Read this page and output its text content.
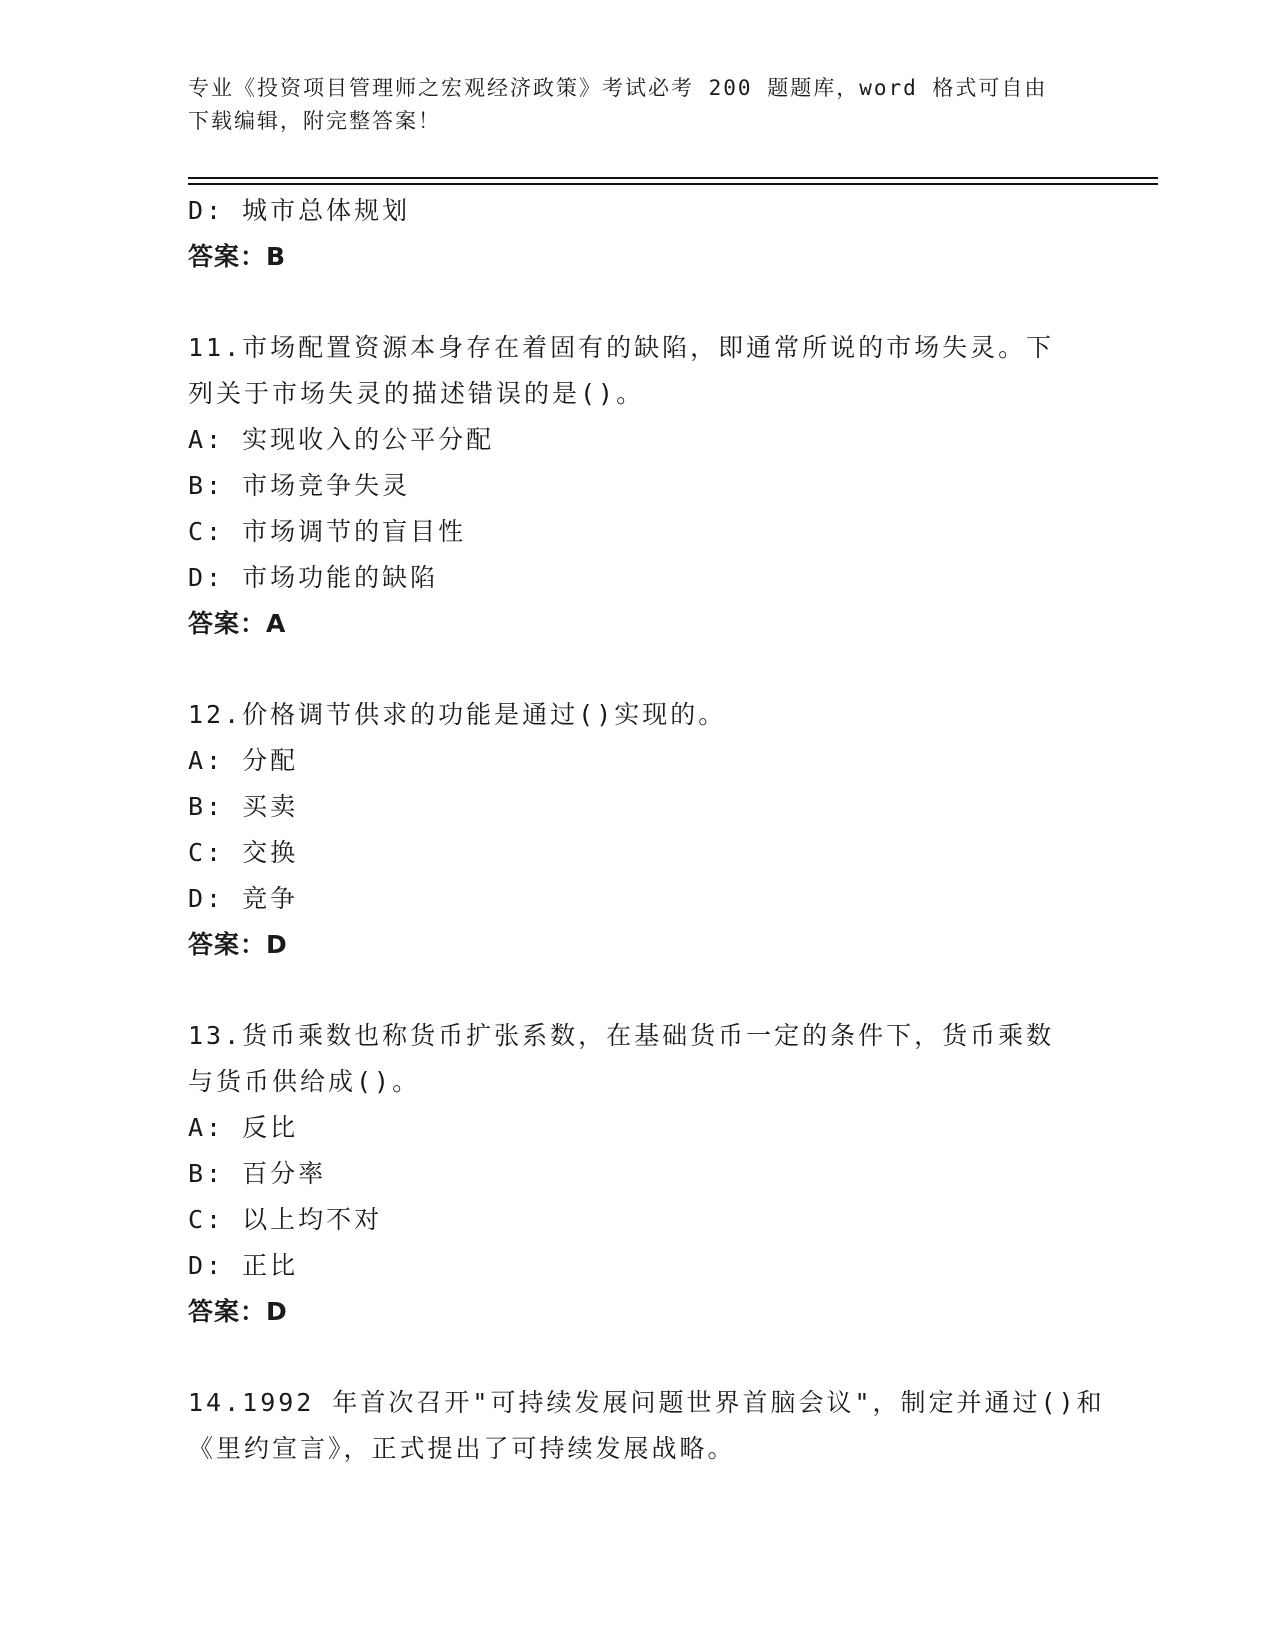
专业《投资项目管理师之宏观经济政策》考试必考 200 题题库，word 格式可自由
下载编辑，附完整答案！
D: 城市总体规划
答案：B
11.市场配置资源本身存在着固有的缺陷，即通常所说的市场失灵。下
列关于市场失灵的描述错误的是()。
A: 实现收入的公平分配
B: 市场竞争失灵
C: 市场调节的盲目性
D: 市场功能的缺陷
答案：A
12.价格调节供求的功能是通过()实现的。
A: 分配
B: 买卖
C: 交换
D: 竞争
答案：D
13.货币乘数也称货币扩张系数，在基础货币一定的条件下，货币乘数
与货币供给成()。
A: 反比
B: 百分率
C: 以上均不对
D: 正比
答案：D
14.1992 年首次召开"可持续发展问题世界首脑会议"，制定并通过()和
《里约宣言》，正式提出了可持续发展战略。
